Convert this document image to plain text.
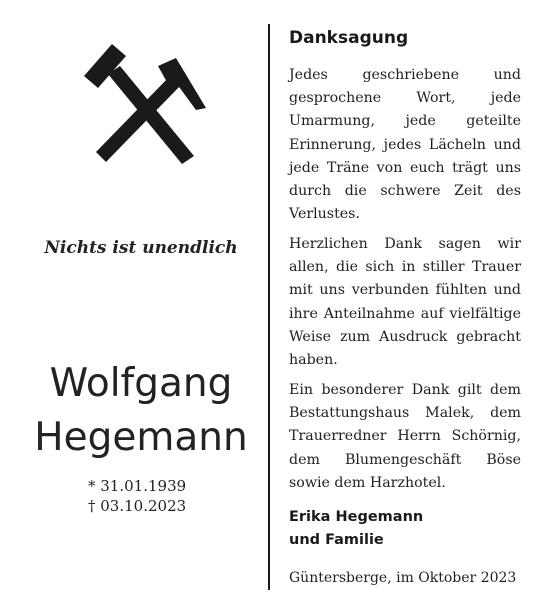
Nichts ist unendlich
Wolfgang
Hegemann
* 31.01.1939
† 03.10.2023
Danksagung
Jedes geschriebene und gesprochene Wort, jede Umarmung, jede geteilte Erinnerung, jedes Lächeln und jede Träne von euch trägt uns durch die schwere Zeit des Verlustes.
Herzlichen Dank sagen wir allen, die sich in stiller Trauer mit uns verbunden fühlten und ihre Anteilnahme auf vielfältige Weise zum Ausdruck gebracht haben.
Ein besonderer Dank gilt dem Bestattungshaus Malek, dem Trauerredner Herrn Schörnig, dem Blumengeschäft Böse sowie dem Harzhotel.
Erika Hegemann
und Familie
Güntersberge, im Oktober 2023
